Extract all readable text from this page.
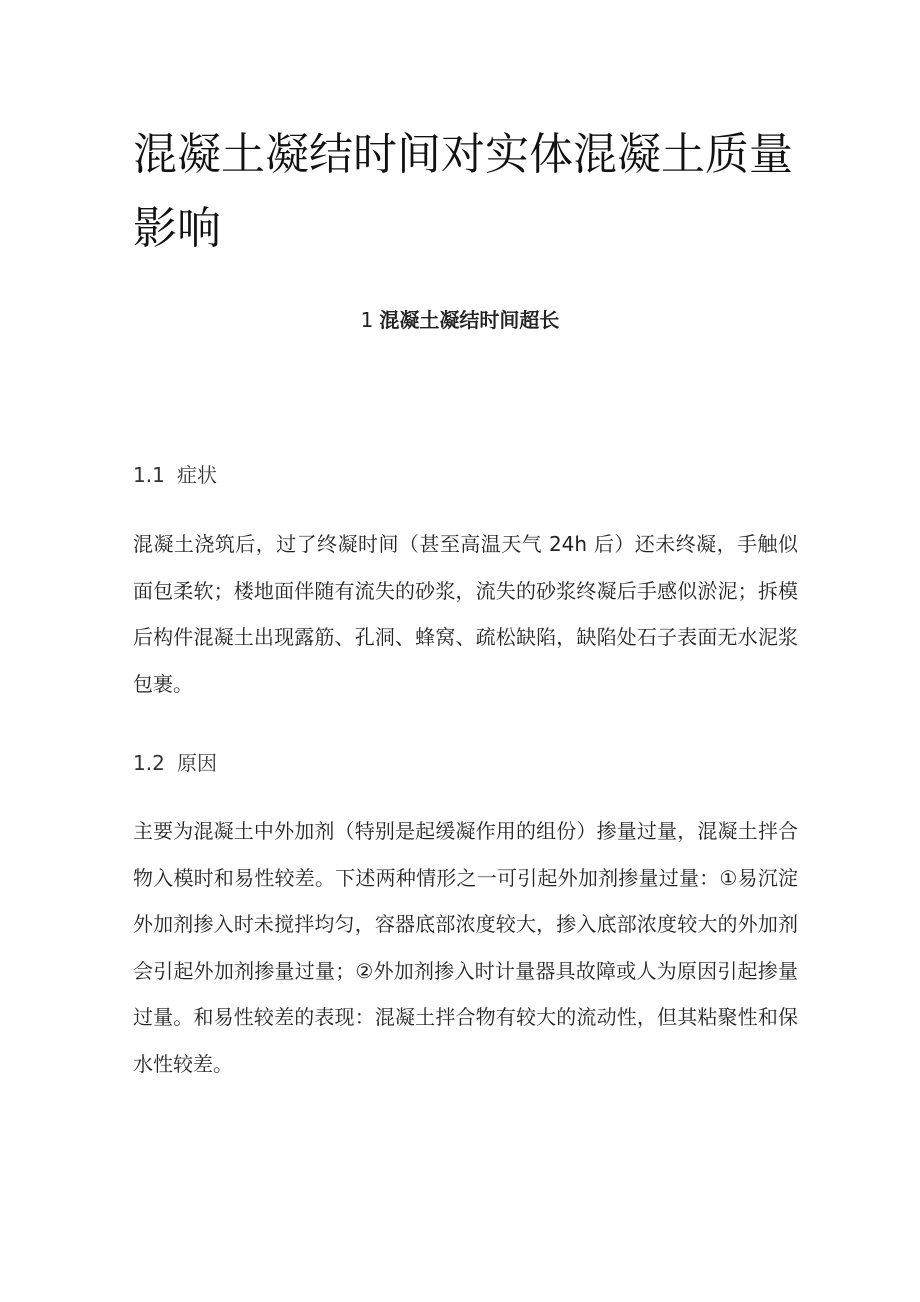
混凝土凝结时间对实体混凝土质量影响
1 混凝土凝结时间超长
1.1 症状

混凝土浇筑后，过了终凝时间（甚至高温天气 24h 后）还未终凝，手触似面包柔软；楼地面伴随有流失的砂浆，流失的砂浆终凝后手感似淤泥；拆模后构件混凝土出现露筋、孔洞、蜂窝、疏松缺陷，缺陷处石子表面无水泥浆包裹。

1.2 原因

主要为混凝土中外加剂（特别是起缓凝作用的组份）掺量过量，混凝土拌合物入模时和易性较差。下述两种情形之一可引起外加剂掺量过量：①易沉淀外加剂掺入时未搅拌均匀，容器底部浓度较大，掺入底部浓度较大的外加剂会引起外加剂掺量过量；②外加剂掺入时计量器具故障或人为原因引起掺量过量。和易性较差的表现：混凝土拌合物有较大的流动性，但其粘聚性和保水性较差。
